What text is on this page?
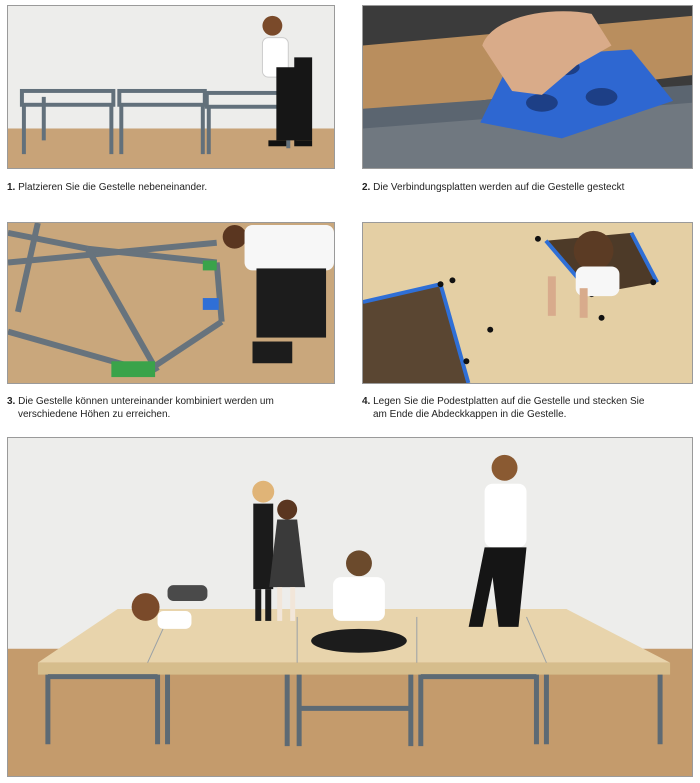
1. Platzieren Sie die Gestelle nebeneinander.	2. Die Verbindungsplatten werden auf die Gestelle gesteckt
3. Die Gestelle können untereinander kombiniert werden um
verschiedene Höhen zu erreichen.
4. Legen Sie die Podestplatten auf die Gestelle und stecken Sie
am Ende die Abdeckkappen in die Gestelle.
